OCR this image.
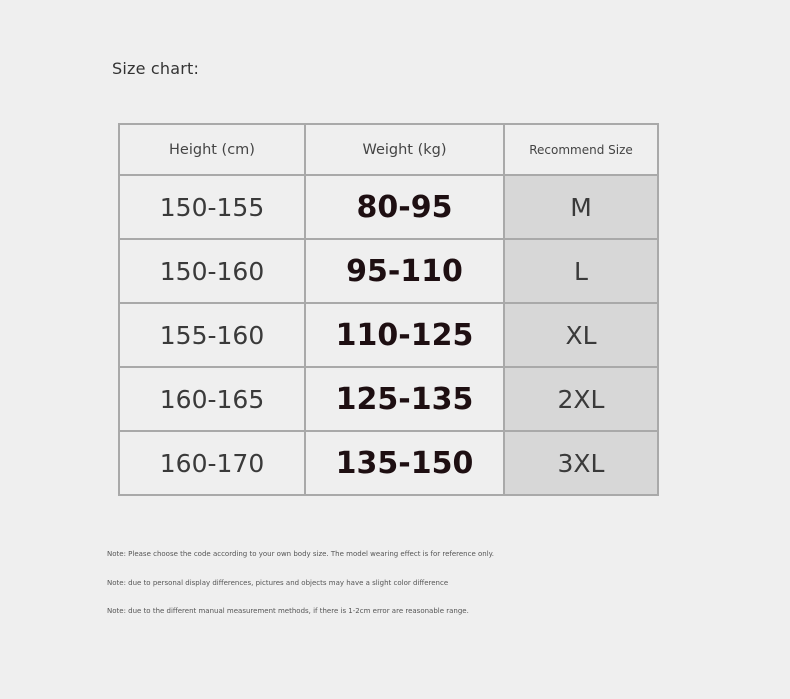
Size chart:
Height (cm)	Weight (kg)	Recommend Size
150-155	80-95	M
150-160	95-110	L
155-160	110-125	XL
160-165	125-135	2XL
160-170	135-150	3XL
Note: Please choose the code according to your own body size. The model wearing effect is for reference only.
Note: due to personal display differences, pictures and objects may have a slight color difference
Note: due to the different manual measurement methods, if there is 1-2cm error are reasonable range.
